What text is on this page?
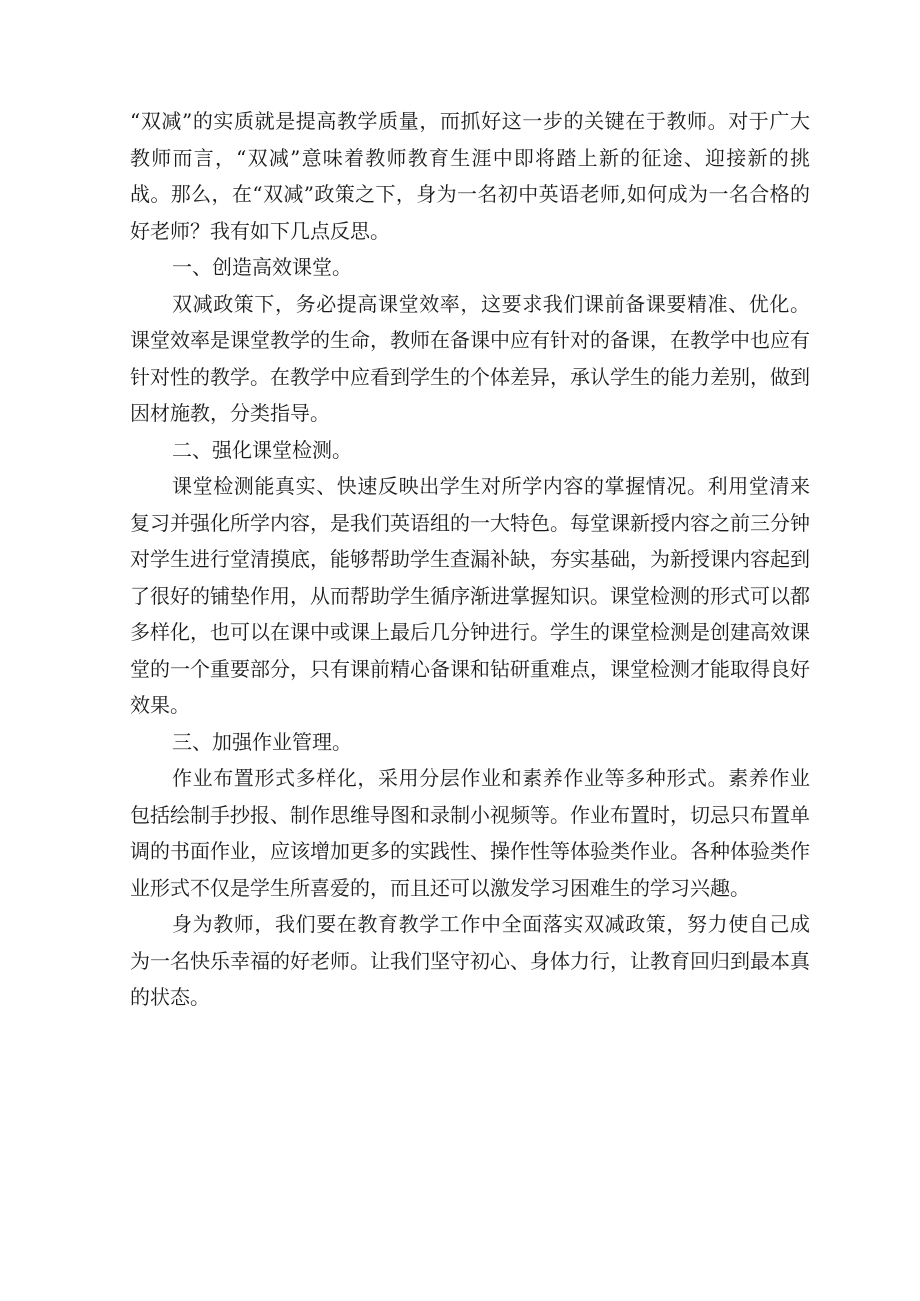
“双减”的实质就是提高教学质量，而抓好这一步的关键在于教师。对于广大教师而言，“双减”意味着教师教育生涯中即将踏上新的征途、迎接新的挑战。那么，在“双减”政策之下，身为一名初中英语老师,如何成为一名合格的好老师？我有如下几点反思。

一、创造高效课堂。

双减政策下，务必提高课堂效率，这要求我们课前备课要精准、优化。课堂效率是课堂教学的生命，教师在备课中应有针对的备课，在教学中也应有针对性的教学。在教学中应看到学生的个体差异，承认学生的能力差别，做到因材施教，分类指导。

二、强化课堂检测。

课堂检测能真实、快速反映出学生对所学内容的掌握情况。利用堂清来复习并强化所学内容，是我们英语组的一大特色。每堂课新授内容之前三分钟对学生进行堂清摸底，能够帮助学生查漏补缺，夯实基础，为新授课内容起到了很好的铺垫作用，从而帮助学生循序渐进掌握知识。课堂检测的形式可以都多样化，也可以在课中或课上最后几分钟进行。学生的课堂检测是创建高效课堂的一个重要部分，只有课前精心备课和钻研重难点，课堂检测才能取得良好效果。

三、加强作业管理。

作业布置形式多样化，采用分层作业和素养作业等多种形式。素养作业包括绘制手抄报、制作思维导图和录制小视频等。作业布置时，切忌只布置单调的书面作业，应该增加更多的实践性、操作性等体验类作业。各种体验类作业形式不仅是学生所喜爱的，而且还可以激发学习困难生的学习兴趣。

身为教师，我们要在教育教学工作中全面落实双减政策，努力使自己成为一名快乐幸福的好老师。让我们坚守初心、身体力行，让教育回归到最本真的状态。
